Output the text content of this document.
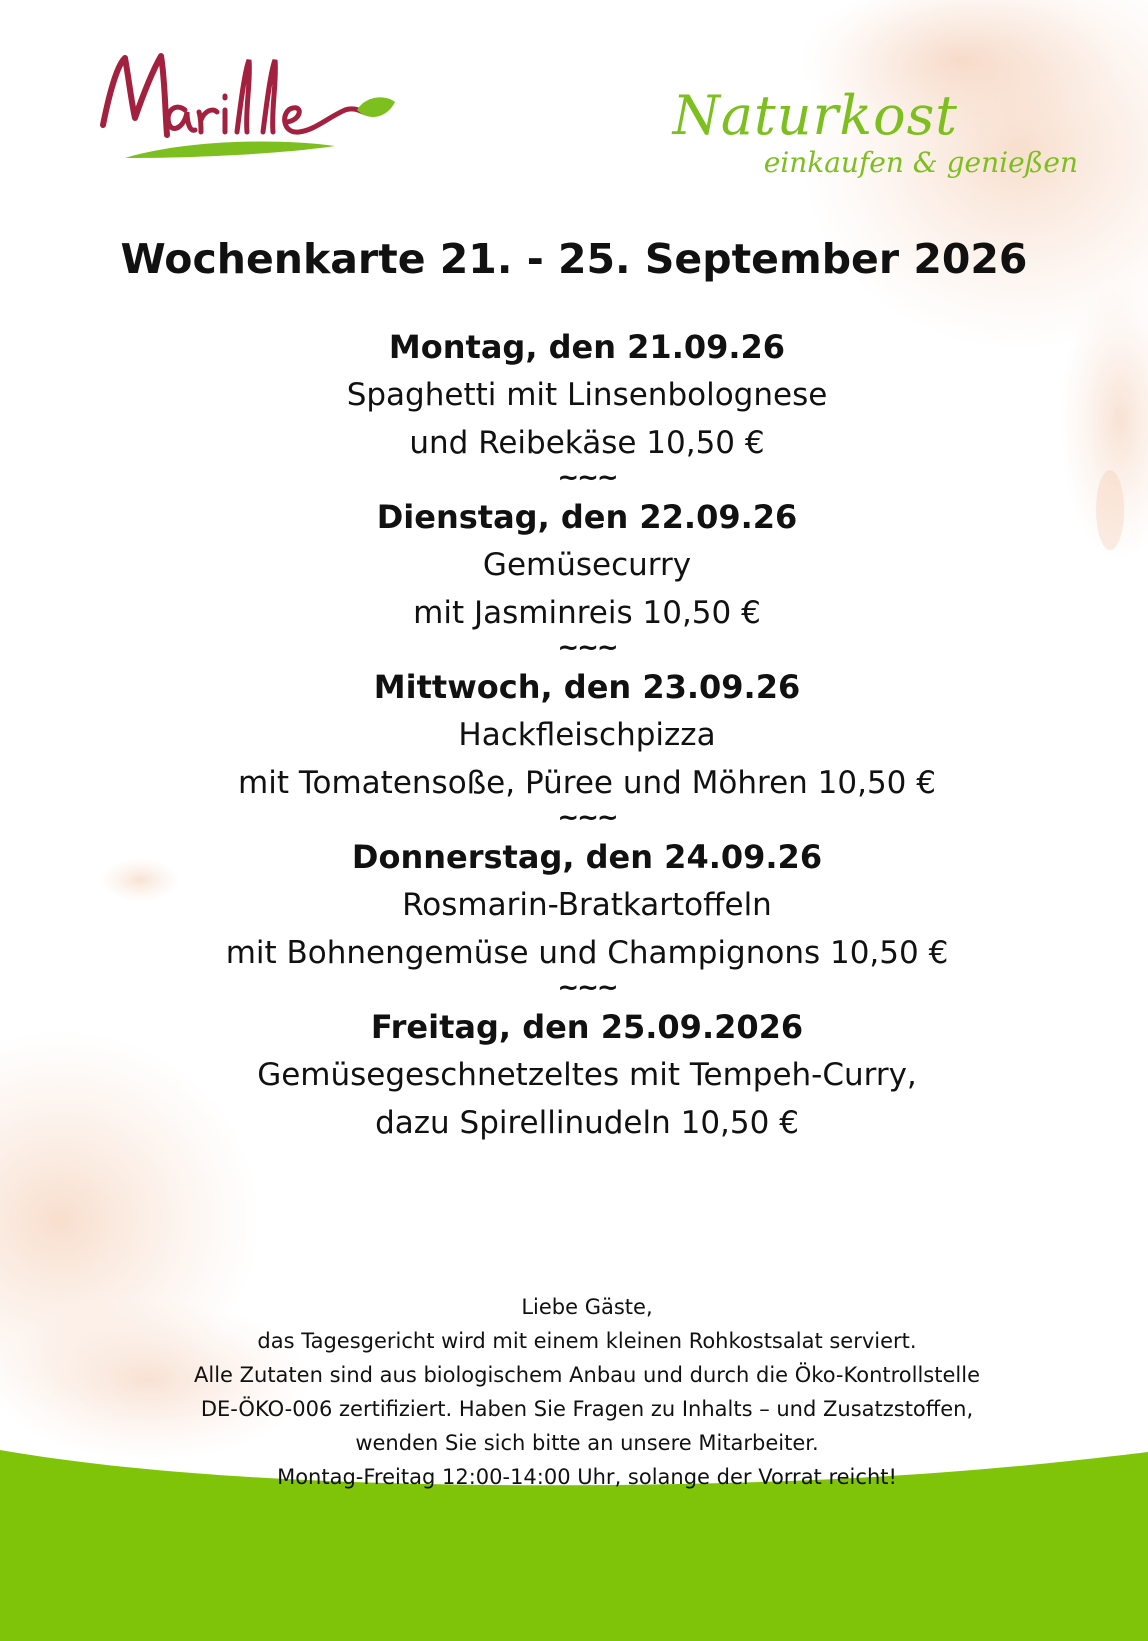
Naturkost
einkaufen & genießen
Wochenkarte 21. - 25. September 2026
Montag, den 21.09.26
Spaghetti mit Linsenbolognese
und Reibekäse 10,50 €
~~~
Dienstag, den 22.09.26
Gemüsecurry
mit Jasminreis 10,50 €
~~~
Mittwoch, den 23.09.26
Hackfleischpizza
mit Tomatensoße, Püree und Möhren 10,50 €
~~~
Donnerstag, den 24.09.26
Rosmarin-Bratkartoffeln
mit Bohnengemüse und Champignons 10,50 €
~~~
Freitag, den 25.09.2026
Gemüsegeschnetzeltes mit Tempeh-Curry,
dazu Spirellinudeln 10,50 €
Liebe Gäste,
das Tagesgericht wird mit einem kleinen Rohkostsalat serviert.
Alle Zutaten sind aus biologischem Anbau und durch die Öko-Kontrollstelle
DE-ÖKO-006 zertifiziert. Haben Sie Fragen zu Inhalts – und Zusatzstoffen,
wenden Sie sich bitte an unsere Mitarbeiter.
Montag-Freitag 12:00-14:00 Uhr, solange der Vorrat reicht!
